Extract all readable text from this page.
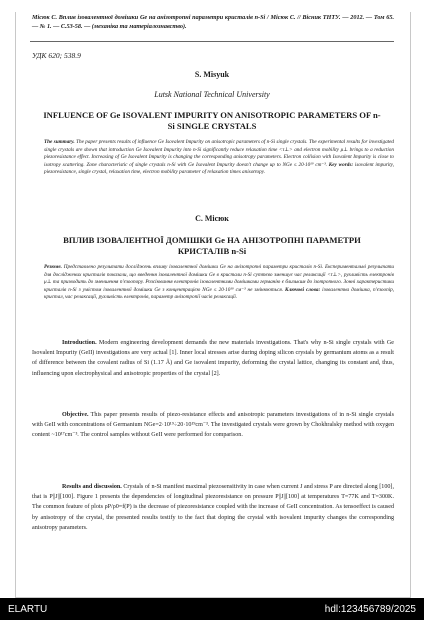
Місюк С. Вплив ізовалентної домішки Ge на анізотропні параметри кристалів n-Si / Місюк С. // Вісник ТНТУ. — 2012. — Том 65. — № 1. — С.53-58. — (механіка та матеріалознавство).
УДК 620; 538.9
S. Misyuk
Lutsk National Technical University
INFLUENCE OF Ge ISOVALENT IMPURITY ON ANISOTROPIC PARAMETERS OF n-Si SINGLE CRYSTALS
The summary. The paper presents results of influence Ge Isovalent Impurity on anisotropic parameters of n-Si single crystals. The experimental results for investigated single crystals are shown that introduction Ge Isovalent Impurity into n-Si significantly reduce relaxation time <τ⊥> and electron mobility μ⊥ brings to a reduction piezoresistance effect. Increasing of Ge Isovalent Impurity is changing the corresponding anisotropy parameters. Electron collision with Isovalent Impurity is close to isotropy scattering. Zone characteristic of single crystals n-Si with Ge Isovalent Impurity doesn't change up to NGe ≤ 20·10¹⁹ cm⁻³. Key words: isovalent impurity, piezoresistance, single crystal, relaxation time, electron mobility parameter of relaxation times anisotropy.
С. Місюк
ВПЛИВ ІЗОВАЛЕНТНОЇ ДОМІШКИ Ge НА АНІЗОТРОПНІ ПАРАМЕТРИ КРИСТАЛІВ n-Si
Резюме. Представлено результати досліджень впливу ізовалентної домішки Ge на анізотропні параметри кристалів n-Si. Експериментальні результати для досліджених кристалів показали, що введення ізовалентної домішки Ge в кристали n-Si суттєво зменшує час релаксації <τ⊥>, рухливість електронів μ⊥ та призводить до зменшення п'єзоопору. Розсіювання електронів ізовалентними домішками германію є близьким до ізотропного. Зонні характеристики кристалів n-Si з умістом ізовалентної домішки Ge з концентрацією NGe ≤ 20·10¹⁹ см⁻³ не змінюються. Ключові слова: ізовалентна домішка, п'єзоопір, кристал, час релаксації, рухливість електронів, параметр анізотропії часів релаксації.
Introduction. Modern engineering development demands the new materials investigations. That's why n-Si single crystals with Ge Isovalent Impurity (GeII) investigations are very actual [1]. Inner local stresses arise during doping silicon crystals by germanium atoms as a result of difference between the covalent radius of Si (1.17 Å) and Ge isovalent impurity, deforming the crystal lattice, changing its constant and, thus, influencing upon electrophysical and anisotropic properties of the crystal [2].
Objective. This paper presents results of piezo-resistance effects and anisotropic parameters investigations of in n-Si single crystals with GeII with concentrations of Germanium NGe=2·10¹⁹÷20·10¹⁹cm⁻³. The investigated crystals were grown by Chokhralsky method with oxygen content ~10¹⁷cm⁻³. The control samples without GeII were performed for comparison.
Results and discussion. Crystals of n-Si manifest maximal piezosensitivity in case when current J and stress P are directed along [100], that is P||J||[100]. Figure 1 presents the dependencies of longitudinal piezoresistance on pressure P||J||[100] at temperatures T=77K and T=300K. The common feature of plots ρP/ρ0=f(P) is the decrease of piezoresistance coupled with the increase of GeII concentration. As tensoeffect is caused by anisotropy of the crystal, the presented results testify to the fact that doping the crystal with isovalent impurity changes the corresponding anisotropy parameters.
ELARTU	hdl:123456789/2025
